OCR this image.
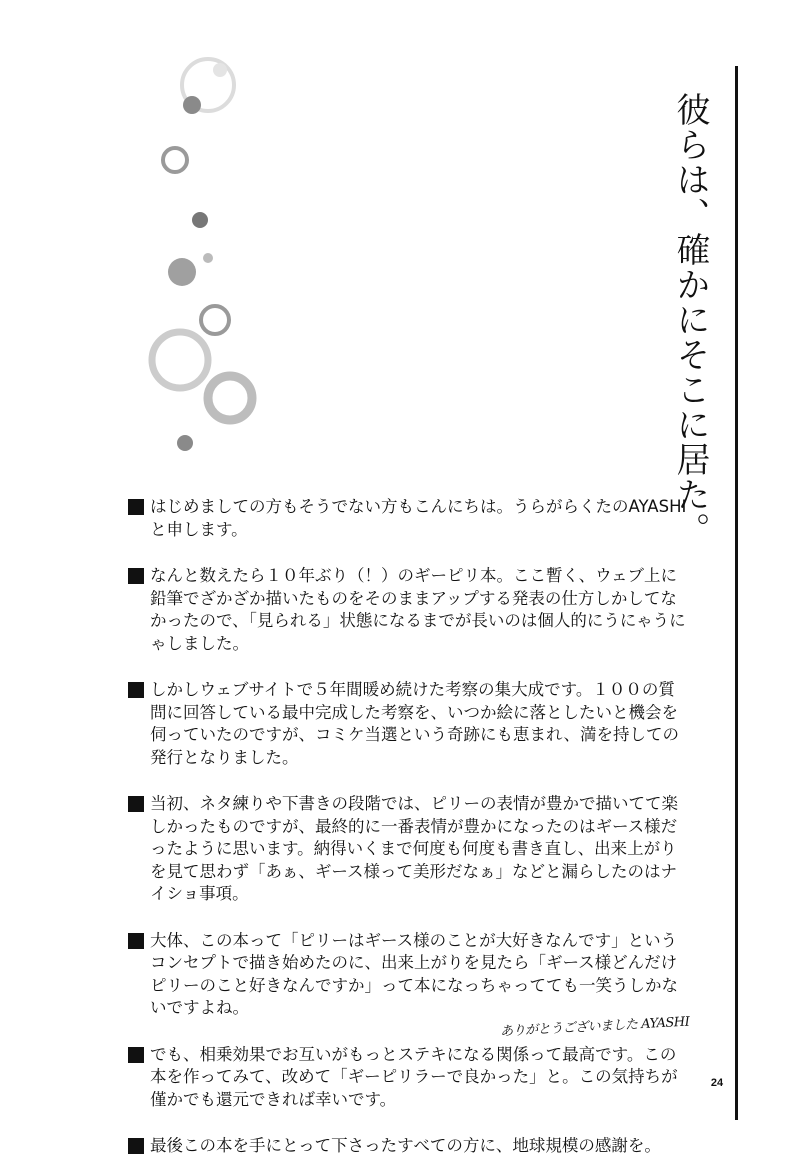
彼らは、確かにそこに居た。

はじめましての方もそうでない方もこんにちは。うらがらくたのAYASHIと申します。

なんと数えたら１０年ぶり（！）のギーピリ本。ここ暫く、ウェブ上に鉛筆でざかざか描いたものをそのままアップする発表の仕方しかしてなかったので、「見られる」状態になるまでが長いのは個人的にうにゃうにゃしました。

しかしウェブサイトで５年間暖め続けた考察の集大成です。１００の質問に回答している最中完成した考察を、いつか絵に落としたいと機会を伺っていたのですが、コミケ当選という奇跡にも恵まれ、満を持しての発行となりました。

当初、ネタ練りや下書きの段階では、ピリーの表情が豊かで描いてて楽しかったものですが、最終的に一番表情が豊かになったのはギース様だったように思います。納得いくまで何度も何度も書き直し、出来上がりを見て思わず「あぁ、ギース様って美形だなぁ」などと漏らしたのはナイショ事項。

大体、この本って「ピリーはギース様のことが大好きなんです」というコンセプトで描き始めたのに、出来上がりを見たら「ギース様どんだけピリーのこと好きなんですか」って本になっちゃってても一笑うしかないですよね。

でも、相乗効果でお互いがもっとステキになる関係って最高です。この本を作ってみて、改めて「ギーピリラーで良かった」と。この気持ちが僅かでも還元できれば幸いです。

最後この本を手にとって下さったすべての方に、地球規模の感謝を。

ありがとうございました AYASHI
24
